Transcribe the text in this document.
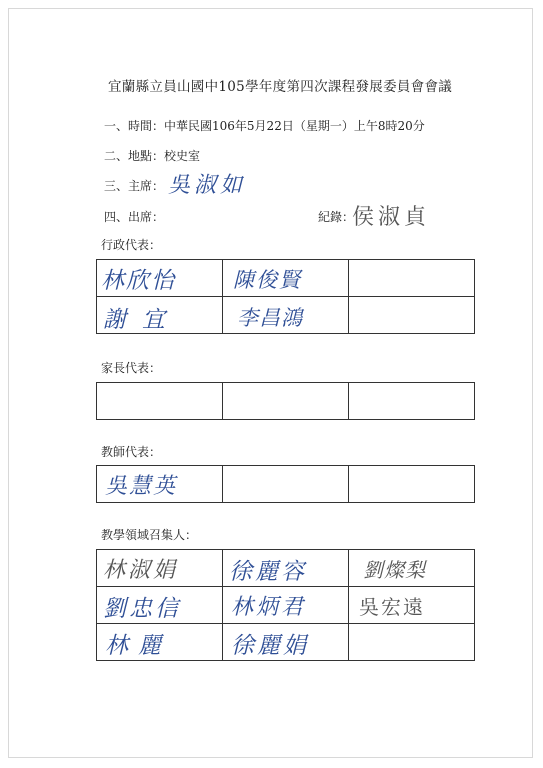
宜蘭縣立員山國中105學年度第四次課程發展委員會會議
一、時間：中華民國106年5月22日（星期一）上午8時20分
二、地點：校史室
三、主席： 吳淑如
四、出席：	紀錄：
侯淑貞
行政代表：
林欣怡	陳俊賢	

謝宜	李昌鴻	

家長代表：

教師代表：
吳慧英

教學領域召集人：
林淑娟	徐麗容	劉燦梨

劉忠信	林炳君	吳宏遠

林麗	徐麗娟	
